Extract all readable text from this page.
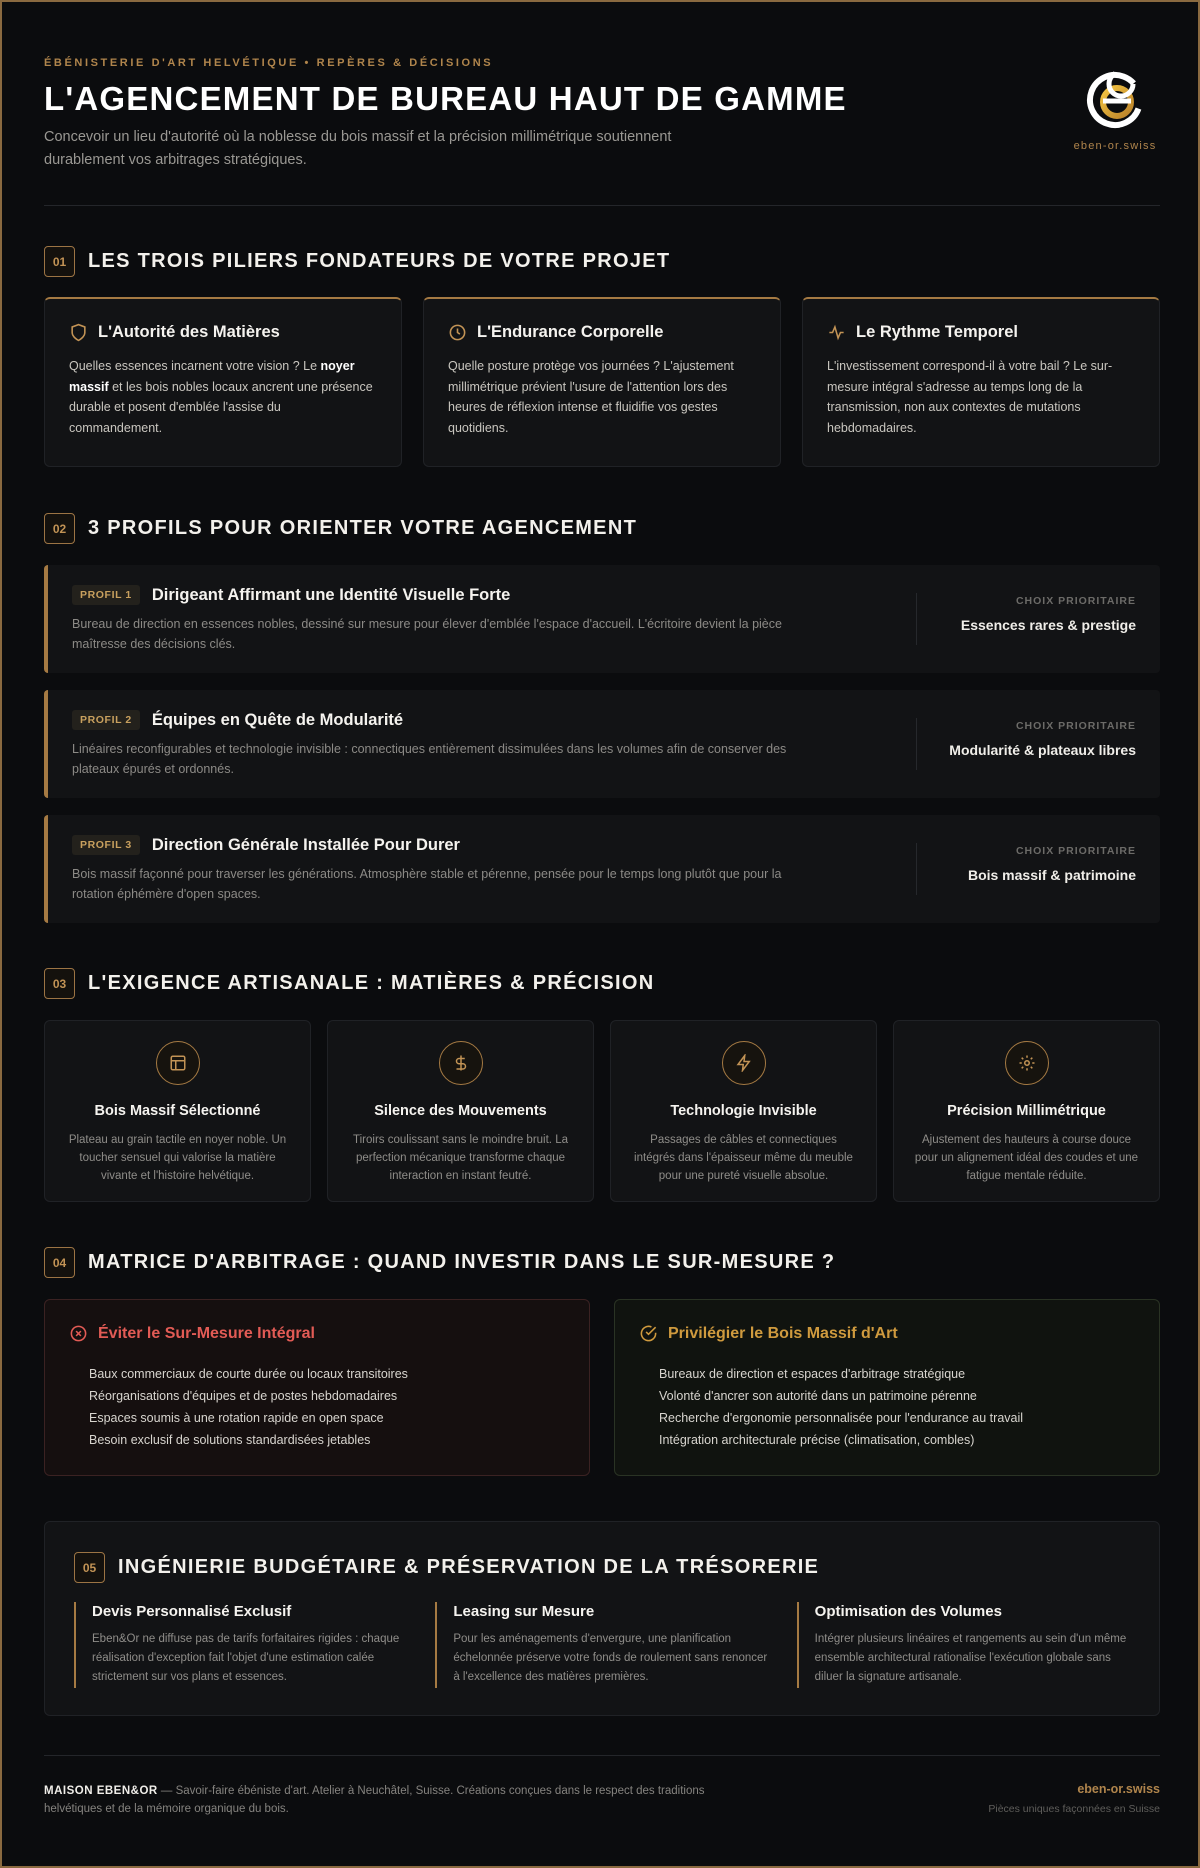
ÉBÉNISTERIE D'ART HELVÉTIQUE • REPÈRES & DÉCISIONS
L'AGENCEMENT DE BUREAU HAUT DE GAMME

Concevoir un lieu d'autorité où la noblesse du bois massif et la précision millimétrique soutiennent durablement vos arbitrages stratégiques.

eben-or.swiss
01	LES TROIS PILIERS FONDATEURS DE VOTRE PROJET
L'Autorité des Matières

Quelles essences incarnent votre vision ? Le noyer massif et les bois nobles locaux ancrent une présence durable et posent d'emblée l'assise du commandement.

L'Endurance Corporelle

Quelle posture protège vos journées ? L'ajustement millimétrique prévient l'usure de l'attention lors des heures de réflexion intense et fluidifie vos gestes quotidiens.

Le Rythme Temporel

L'investissement correspond-il à votre bail ? Le sur-mesure intégral s'adresse au temps long de la transmission, non aux contextes de mutations hebdomadaires.

02	3 PROFILS POUR ORIENTER VOTRE AGENCEMENT
PROFIL 1	Dirigeant Affirmant une Identité Visuelle Forte

Bureau de direction en essences nobles, dessiné sur mesure pour élever d'emblée l'espace d'accueil. L'écritoire devient la pièce maîtresse des décisions clés.

CHOIX PRIORITAIRE
Essences rares & prestige
PROFIL 2	Équipes en Quête de Modularité

Linéaires reconfigurables et technologie invisible : connectiques entièrement dissimulées dans les volumes afin de conserver des plateaux épurés et ordonnés.

CHOIX PRIORITAIRE
Modularité & plateaux libres
PROFIL 3	Direction Générale Installée Pour Durer

Bois massif façonné pour traverser les générations. Atmosphère stable et pérenne, pensée pour le temps long plutôt que pour la rotation éphémère d'open spaces.

CHOIX PRIORITAIRE
Bois massif & patrimoine
03	L'EXIGENCE ARTISANALE : MATIÈRES & PRÉCISION
Bois Massif Sélectionné

Plateau au grain tactile en noyer noble. Un toucher sensuel qui valorise la matière vivante et l'histoire helvétique.

Silence des Mouvements

Tiroirs coulissant sans le moindre bruit. La perfection mécanique transforme chaque interaction en instant feutré.

Technologie Invisible

Passages de câbles et connectiques intégrés dans l'épaisseur même du meuble pour une pureté visuelle absolue.

Précision Millimétrique

Ajustement des hauteurs à course douce pour un alignement idéal des coudes et une fatigue mentale réduite.

04	MATRICE D'ARBITRAGE : QUAND INVESTIR DANS LE SUR-MESURE ?
Éviter le Sur-Mesure Intégral
Baux commerciaux de courte durée ou locaux transitoires
Réorganisations d'équipes et de postes hebdomadaires
Espaces soumis à une rotation rapide en open space
Besoin exclusif de solutions standardisées jetables
Privilégier le Bois Massif d'Art
Bureaux de direction et espaces d'arbitrage stratégique
Volonté d'ancrer son autorité dans un patrimoine pérenne
Recherche d'ergonomie personnalisée pour l'endurance au travail
Intégration architecturale précise (climatisation, combles)
05	INGÉNIERIE BUDGÉTAIRE & PRÉSERVATION DE LA TRÉSORERIE
Devis Personnalisé Exclusif

Eben&Or ne diffuse pas de tarifs forfaitaires rigides : chaque réalisation d'exception fait l'objet d'une estimation calée strictement sur vos plans et essences.

Leasing sur Mesure

Pour les aménagements d'envergure, une planification échelonnée préserve votre fonds de roulement sans renoncer à l'excellence des matières premières.

Optimisation des Volumes

Intégrer plusieurs linéaires et rangements au sein d'un même ensemble architectural rationalise l'exécution globale sans diluer la signature artisanale.

MAISON EBEN&OR — Savoir-faire ébéniste d'art. Atelier à Neuchâtel, Suisse. Créations conçues dans le respect des traditions helvétiques et de la mémoire organique du bois.

eben-or.swiss
Pièces uniques façonnées en Suisse
